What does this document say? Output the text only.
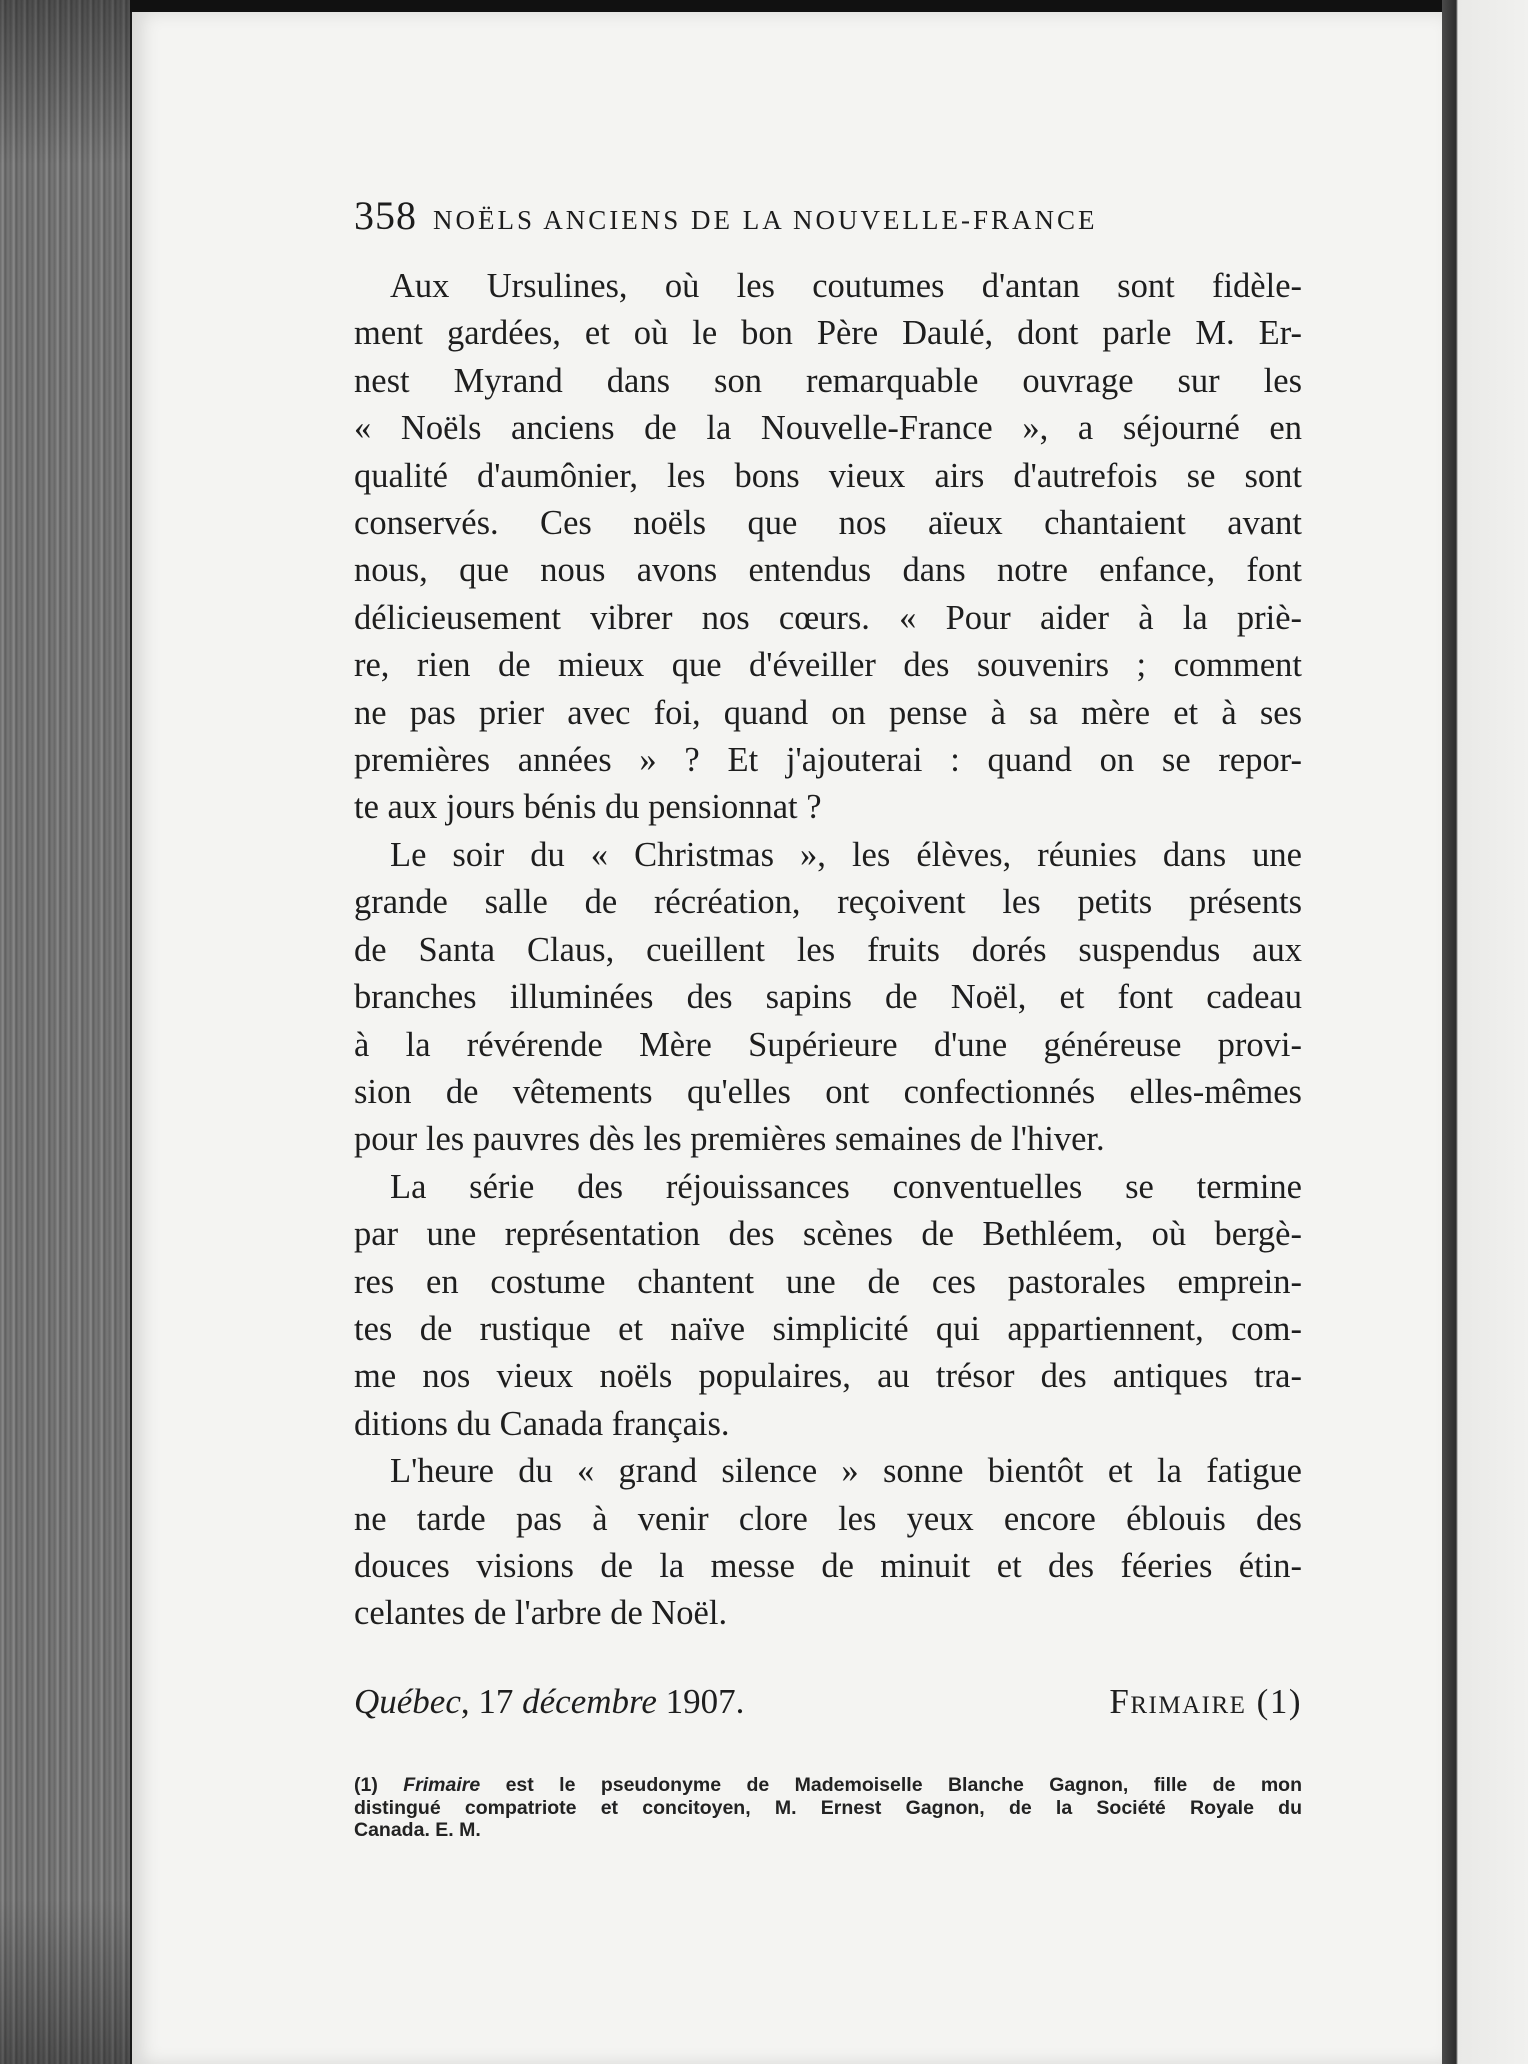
358 NOËLS ANCIENS DE LA NOUVELLE-FRANCE
Aux Ursulines, où les coutumes d'antan sont fidèle-
ment gardées, et où le bon Père Daulé, dont parle M. Er-
nest Myrand dans son remarquable ouvrage sur les
« Noëls anciens de la Nouvelle-France », a séjourné en
qualité d'aumônier, les bons vieux airs d'autrefois se sont
conservés. Ces noëls que nos aïeux chantaient avant
nous, que nous avons entendus dans notre enfance, font
délicieusement vibrer nos cœurs. « Pour aider à la priè-
re, rien de mieux que d'éveiller des souvenirs ; comment
ne pas prier avec foi, quand on pense à sa mère et à ses
premières années » ? Et j'ajouterai : quand on se repor-
te aux jours bénis du pensionnat ?
Le soir du « Christmas », les élèves, réunies dans une
grande salle de récréation, reçoivent les petits présents
de Santa Claus, cueillent les fruits dorés suspendus aux
branches illuminées des sapins de Noël, et font cadeau
à la révérende Mère Supérieure d'une généreuse provi-
sion de vêtements qu'elles ont confectionnés elles-mêmes
pour les pauvres dès les premières semaines de l'hiver.
La série des réjouissances conventuelles se termine
par une représentation des scènes de Bethléem, où bergè-
res en costume chantent une de ces pastorales emprein-
tes de rustique et naïve simplicité qui appartiennent, com-
me nos vieux noëls populaires, au trésor des antiques tra-
ditions du Canada français.
L'heure du « grand silence » sonne bientôt et la fatigue
ne tarde pas à venir clore les yeux encore éblouis des
douces visions de la messe de minuit et des féeries étin-
celantes de l'arbre de Noël.
Québec, 17 décembre 1907.	Frimaire (1)
(1) Frimaire est le pseudonyme de Mademoiselle Blanche Gagnon, fille de mon
distingué compatriote et concitoyen, M. Ernest Gagnon, de la Société Royale du
Canada. E. M.
